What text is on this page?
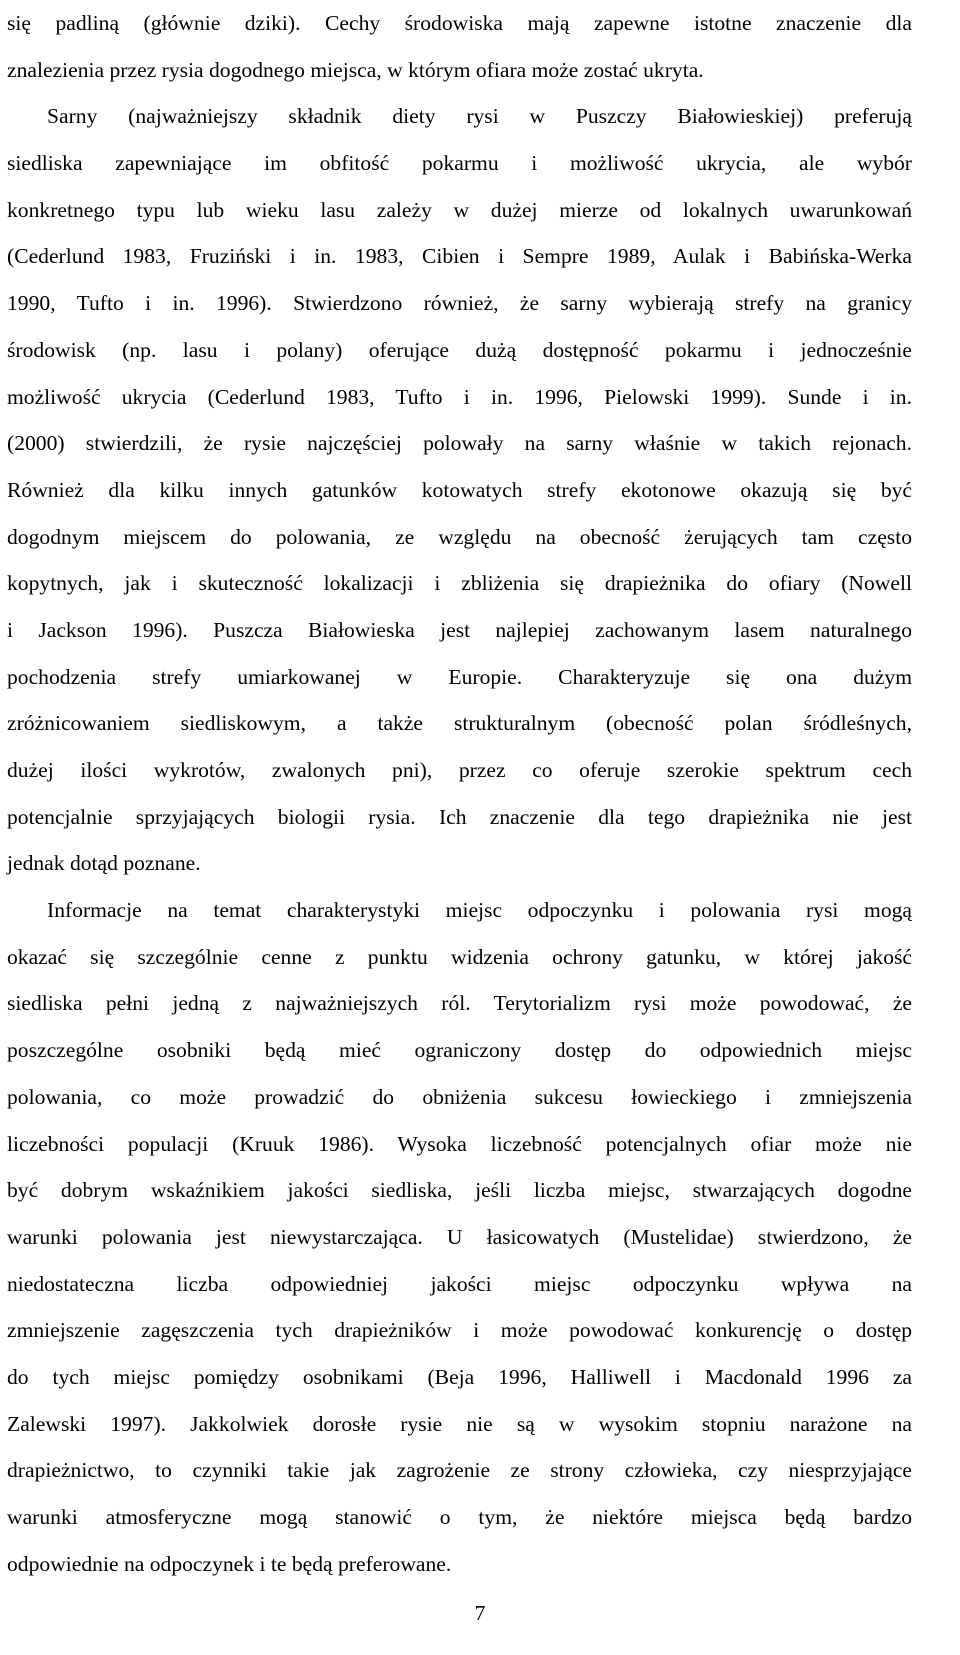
się padliną (głównie dziki). Cechy środowiska mają zapewne istotne znaczenie dla
znalezienia przez rysia dogodnego miejsca, w którym ofiara może zostać ukryta.
Sarny (najważniejszy składnik diety rysi w Puszczy Białowieskiej) preferują
siedliska zapewniające im obfitość pokarmu i możliwość ukrycia, ale wybór
konkretnego typu lub wieku lasu zależy w dużej mierze od lokalnych uwarunkowań
(Cederlund 1983, Fruziński i in. 1983, Cibien i Sempre 1989, Aulak i Babińska-Werka
1990, Tufto i in. 1996). Stwierdzono również, że sarny wybierają strefy na granicy
środowisk (np. lasu i polany) oferujące dużą dostępność pokarmu i jednocześnie
możliwość ukrycia (Cederlund 1983, Tufto i in. 1996, Pielowski 1999). Sunde i in.
(2000) stwierdzili, że rysie najczęściej polowały na sarny właśnie w takich rejonach.
Również dla kilku innych gatunków kotowatych strefy ekotonowe okazują się być
dogodnym miejscem do polowania, ze względu na obecność żerujących tam często
kopytnych, jak i skuteczność lokalizacji i zbliżenia się drapieżnika do ofiary (Nowell
i Jackson 1996). Puszcza Białowieska jest najlepiej zachowanym lasem naturalnego
pochodzenia strefy umiarkowanej w Europie. Charakteryzuje się ona dużym
zróżnicowaniem siedliskowym, a także strukturalnym (obecność polan śródleśnych,
dużej ilości wykrotów, zwalonych pni), przez co oferuje szerokie spektrum cech
potencjalnie sprzyjających biologii rysia. Ich znaczenie dla tego drapieżnika nie jest
jednak dotąd poznane.
Informacje na temat charakterystyki miejsc odpoczynku i polowania rysi mogą
okazać się szczególnie cenne z punktu widzenia ochrony gatunku, w której jakość
siedliska pełni jedną z najważniejszych ról. Terytorializm rysi może powodować, że
poszczególne osobniki będą mieć ograniczony dostęp do odpowiednich miejsc
polowania, co może prowadzić do obniżenia sukcesu łowieckiego i zmniejszenia
liczebności populacji (Kruuk 1986). Wysoka liczebność potencjalnych ofiar może nie
być dobrym wskaźnikiem jakości siedliska, jeśli liczba miejsc, stwarzających dogodne
warunki polowania jest niewystarczająca. U łasicowatych (Mustelidae) stwierdzono, że
niedostateczna liczba odpowiedniej jakości miejsc odpoczynku wpływa na
zmniejszenie zagęszczenia tych drapieżników i może powodować konkurencję o dostęp
do tych miejsc pomiędzy osobnikami (Beja 1996, Halliwell i Macdonald 1996 za
Zalewski 1997). Jakkolwiek dorosłe rysie nie są w wysokim stopniu narażone na
drapieżnictwo, to czynniki takie jak zagrożenie ze strony człowieka, czy niesprzyjające
warunki atmosferyczne mogą stanowić o tym, że niektóre miejsca będą bardzo
odpowiednie na odpoczynek i te będą preferowane.
7
